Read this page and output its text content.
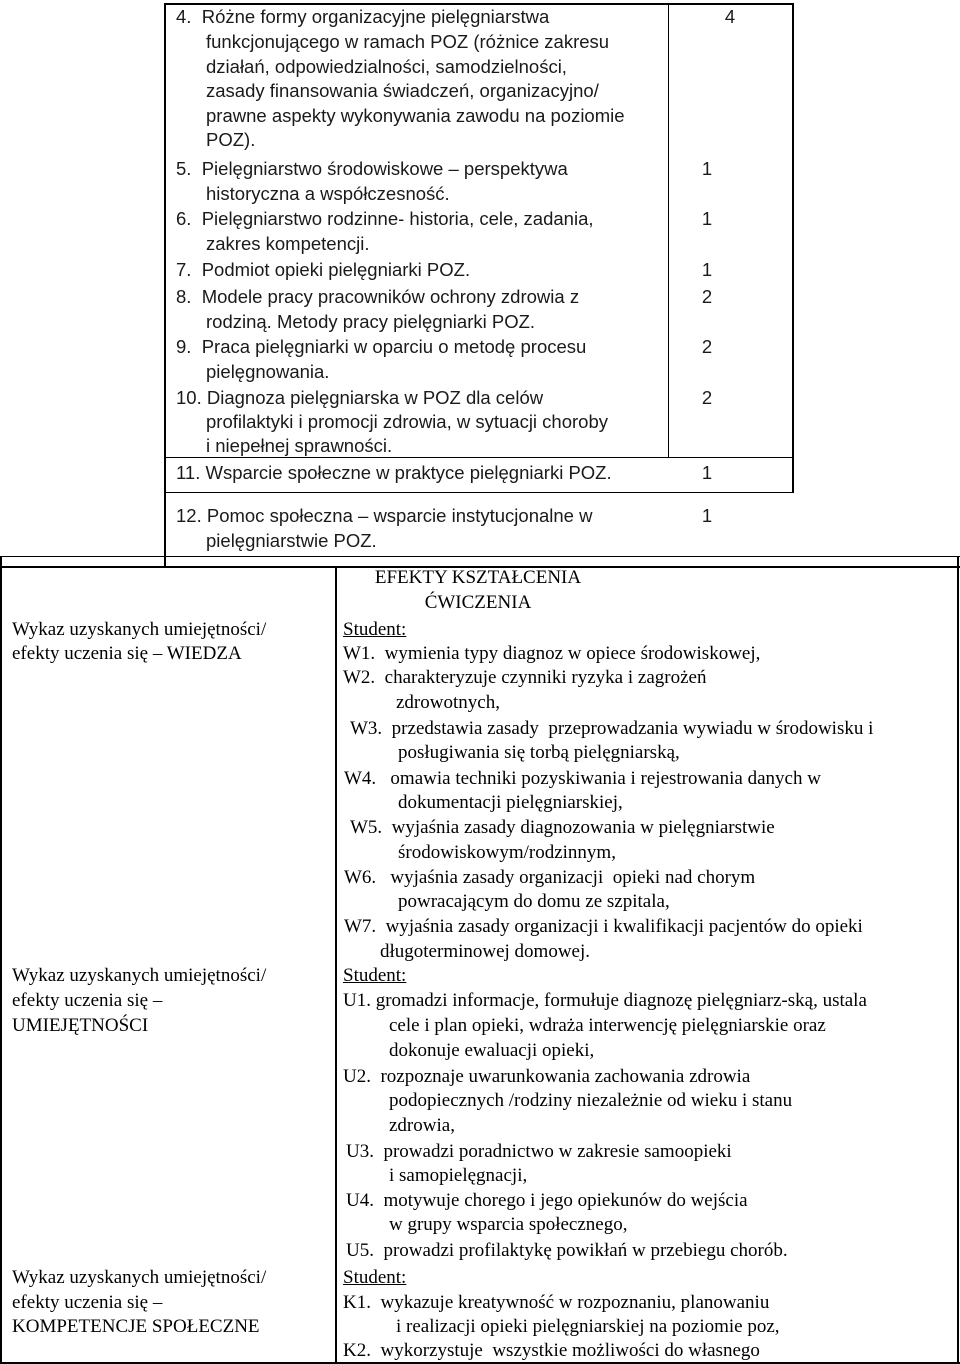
4.  Różne formy organizacyjne pielęgniarstwa
funkcjonującego w ramach POZ (różnice zakresu
działań, odpowiedzialności, samodzielności,
zasady finansowania świadczeń, organizacyjno/
prawne aspekty wykonywania zawodu na poziomie
POZ).
4
5.  Pielęgniarstwo środowiskowe – perspektywa
historyczna a współczesność.
1
6.  Pielęgniarstwo rodzinne- historia, cele, zadania,
zakres kompetencji.
1
7.  Podmiot opieki pielęgniarki POZ.	1
8.  Modele pracy pracowników ochrony zdrowia z
rodziną. Metody pracy pielęgniarki POZ.
2
9.  Praca pielęgniarki w oparciu o metodę procesu
pielęgnowania.
2
10. Diagnoza pielęgniarska w POZ dla celów
profilaktyki i promocji zdrowia, w sytuacji choroby
i niepełnej sprawności.
2
11. Wsparcie społeczne w praktyce pielęgniarki POZ.	1
12. Pomoc społeczna – wsparcie instytucjonalne w
pielęgniarstwie POZ.
1
EFEKTY KSZTAŁCENIA
ĆWICZENIA
Wykaz uzyskanych umiejętności/
efekty uczenia się – WIEDZA
Wykaz uzyskanych umiejętności/
efekty uczenia się –
UMIEJĘTNOŚCI
Wykaz uzyskanych umiejętności/
efekty uczenia się –
KOMPETENCJE SPOŁECZNE
Student:
W1.  wymienia typy diagnoz w opiece środowiskowej,
W2.  charakteryzuje czynniki ryzyka i zagrożeń
zdrowotnych,
W3.  przedstawia zasady  przeprowadzania wywiadu w środowisku i
posługiwania się torbą pielęgniarską,
W4.   omawia techniki pozyskiwania i rejestrowania danych w
dokumentacji pielęgniarskiej,
W5.  wyjaśnia zasady diagnozowania w pielęgniarstwie
środowiskowym/rodzinnym,
W6.   wyjaśnia zasady organizacji  opieki nad chorym
powracającym do domu ze szpitala,
W7.  wyjaśnia zasady organizacji i kwalifikacji pacjentów do opieki
długoterminowej domowej.
Student:
U1. gromadzi informacje, formułuje diagnozę pielęgniarz-ską, ustala
cele i plan opieki, wdraża interwencję pielęgniarskie oraz
dokonuje ewaluacji opieki,
U2.  rozpoznaje uwarunkowania zachowania zdrowia
podopiecznych /rodziny niezależnie od wieku i stanu
zdrowia,
U3.  prowadzi poradnictwo w zakresie samoopieki
i samopielęgnacji,
U4.  motywuje chorego i jego opiekunów do wejścia
w grupy wsparcia społecznego,
U5.  prowadzi profilaktykę powikłań w przebiegu chorób.
Student:
K1.  wykazuje kreatywność w rozpoznaniu, planowaniu
i realizacji opieki pielęgniarskiej na poziomie poz,
K2.  wykorzystuje  wszystkie możliwości do własnego
